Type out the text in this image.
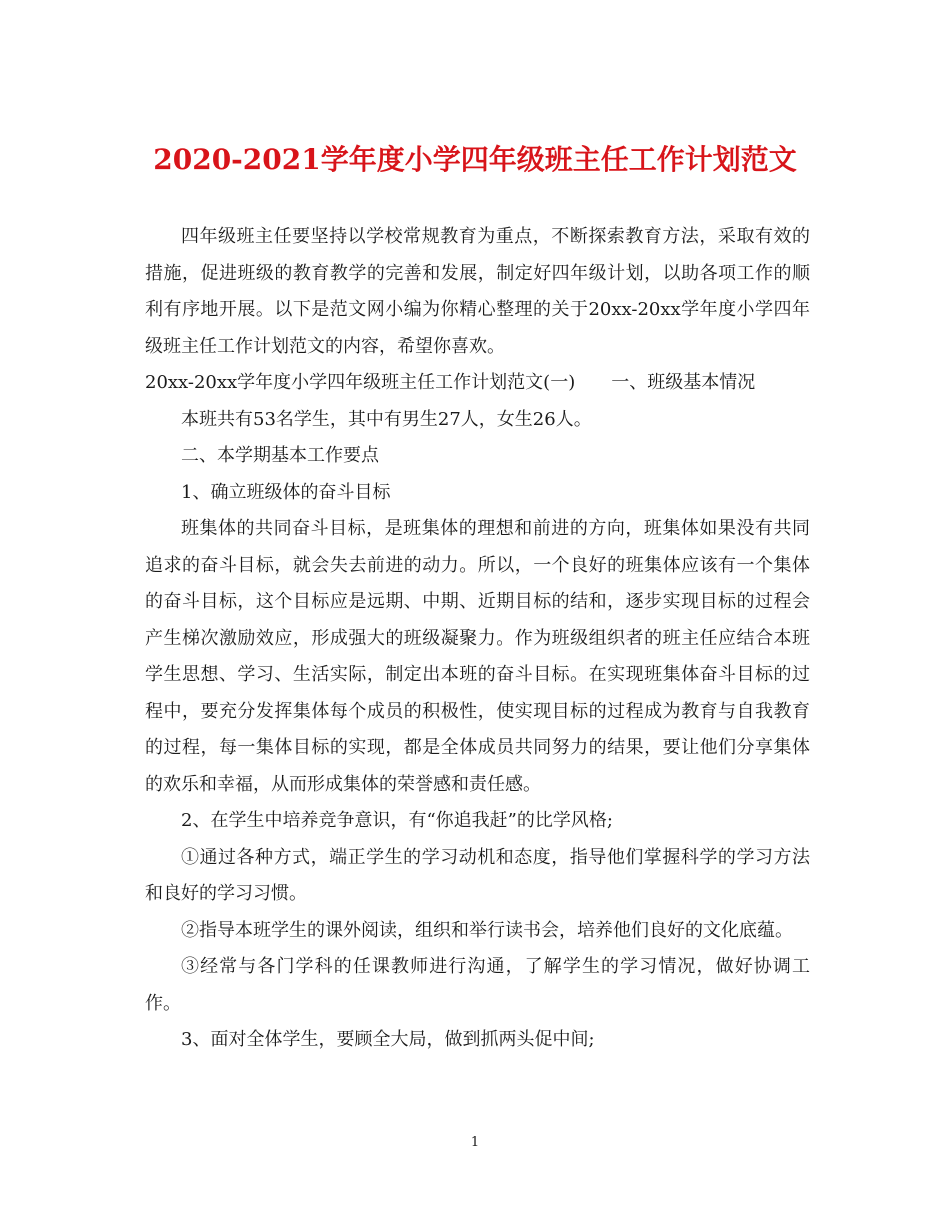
2020-2021学年度小学四年级班主任工作计划范文

四年级班主任要坚持以学校常规教育为重点，不断探索教育方法，采取有效的措施，促进班级的教育教学的完善和发展，制定好四年级计划，以助各项工作的顺利有序地开展。以下是范文网小编为你精心整理的关于20xx-20xx学年度小学四年级班主任工作计划范文的内容，希望你喜欢。

20xx-20xx学年度小学四年级班主任工作计划范文(一)　　一、班级基本情况

本班共有53名学生，其中有男生27人，女生26人。

二、本学期基本工作要点

1、确立班级体的奋斗目标

班集体的共同奋斗目标，是班集体的理想和前进的方向，班集体如果没有共同追求的奋斗目标，就会失去前进的动力。所以，一个良好的班集体应该有一个集体的奋斗目标，这个目标应是远期、中期、近期目标的结和，逐步实现目标的过程会产生梯次激励效应，形成强大的班级凝聚力。作为班级组织者的班主任应结合本班学生思想、学习、生活实际，制定出本班的奋斗目标。在实现班集体奋斗目标的过程中，要充分发挥集体每个成员的积极性，使实现目标的过程成为教育与自我教育的过程，每一集体目标的实现，都是全体成员共同努力的结果，要让他们分享集体的欢乐和幸福，从而形成集体的荣誉感和责任感。

2、在学生中培养竞争意识，有“你追我赶”的比学风格;

①通过各种方式，端正学生的学习动机和态度，指导他们掌握科学的学习方法和良好的学习习惯。

②指导本班学生的课外阅读，组织和举行读书会，培养他们良好的文化底蕴。

③经常与各门学科的任课教师进行沟通，了解学生的学习情况，做好协调工作。

3、面对全体学生，要顾全大局，做到抓两头促中间;

1
